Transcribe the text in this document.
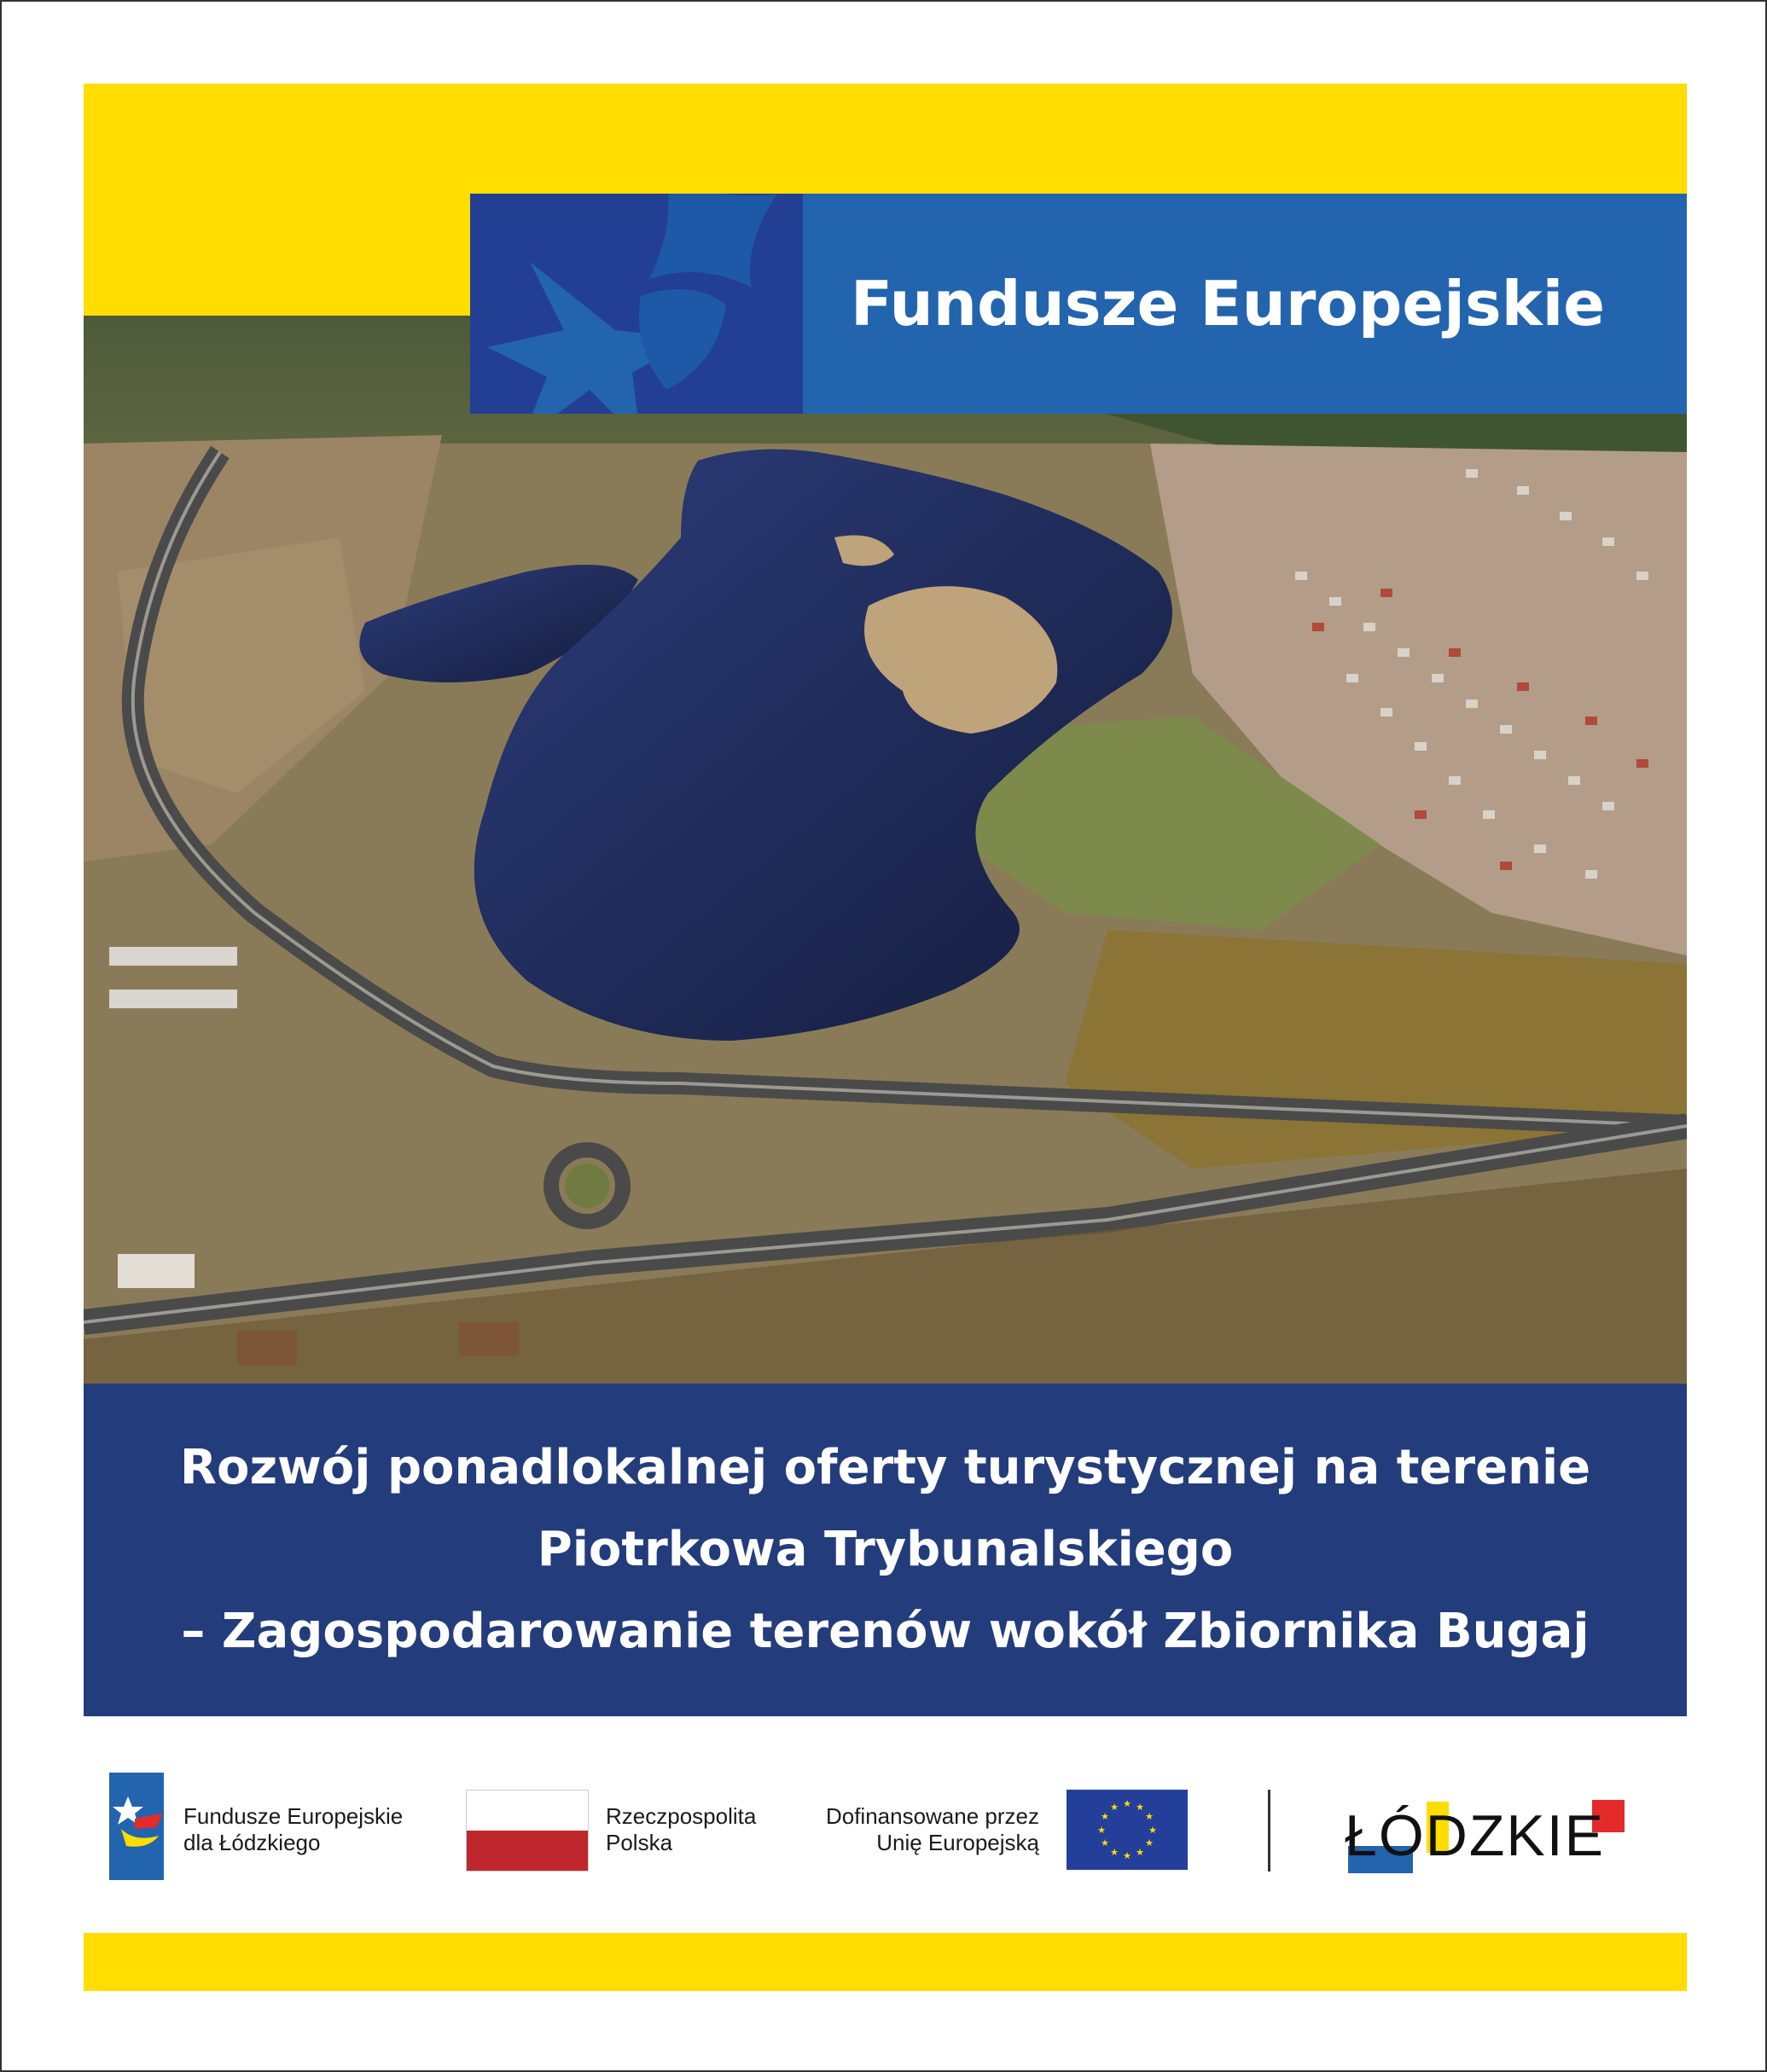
Fundusze Europejskie
Rozwój ponadlokalnej oferty turystycznej na terenie
Piotrkowa Trybunalskiego
– Zagospodarowanie terenów wokół Zbiornika Bugaj
Fundusze Europejskie
dla Łódzkiego
Rzeczpospolita
Polska
Dofinansowane przez
Unię Europejską
★ ★
★
★
★
★
★
★
★
★
★
★	ŁÓDZKIE
